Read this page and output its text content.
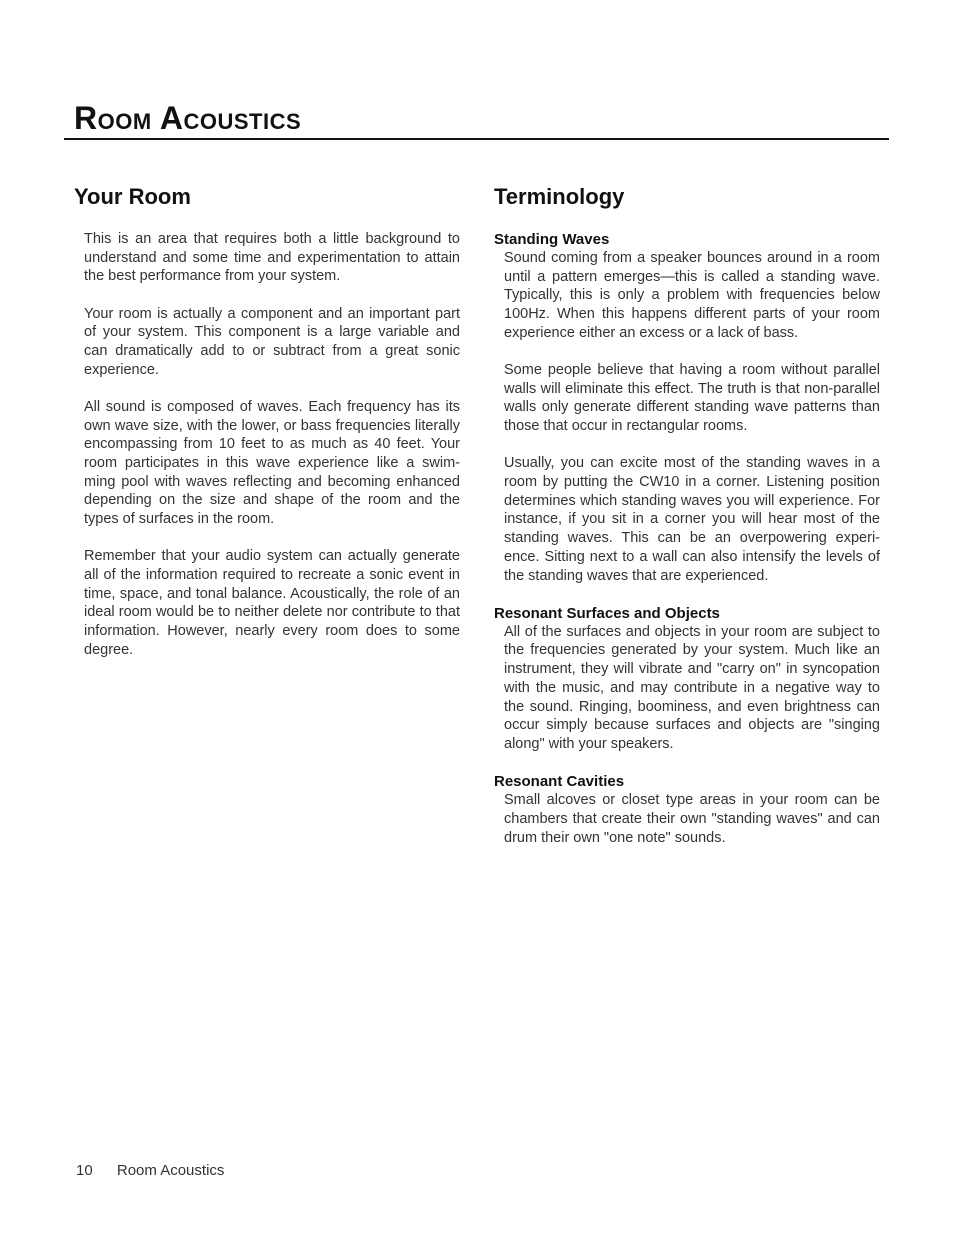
Room Acoustics
Your Room

This is an area that requires both a little background to understand and some time and experimentation to attain the best performance from your system.

Your room is actually a component and an important part of your system. This component is a large variable and can dramatically add to or subtract from a great sonic experience.

All sound is composed of waves. Each frequency has its own wave size, with the lower, or bass frequencies literally encompassing from 10 feet to as much as 40 feet. Your room participates in this wave experience like a swim-ming pool with waves reflecting and becoming enhanced depending on the size and shape of the room and the types of surfaces in the room.

Remember that your audio system can actually generate all of the information required to recreate a sonic event in time, space, and tonal balance. Acoustically, the role of an ideal room would be to neither delete nor contribute to that information. However, nearly every room does to some degree.

Terminology
Standing Waves

Sound coming from a speaker bounces around in a room until a pattern emerges—this is called a standing wave. Typically, this is only a problem with frequencies below 100Hz. When this happens different parts of your room experience either an excess or a lack of bass.

Some people believe that having a room without parallel walls will eliminate this effect. The truth is that non-parallel walls only generate different standing wave patterns than those that occur in rectangular rooms.

Usually, you can excite most of the standing waves in a room by putting the CW10 in a corner. Listening position determines which standing waves you will experience. For instance, if you sit in a corner you will hear most of the standing waves. This can be an overpowering experi-ence. Sitting next to a wall can also intensify the levels of the standing waves that are experienced.

Resonant Surfaces and Objects

All of the surfaces and objects in your room are subject to the frequencies generated by your system. Much like an instrument, they will vibrate and "carry on" in syncopation with the music, and may contribute in a negative way to the sound. Ringing, boominess, and even brightness can occur simply because surfaces and objects are "singing along" with your speakers.

Resonant Cavities

Small alcoves or closet type areas in your room can be chambers that create their own "standing waves" and can drum their own "one note" sounds.

10 Room Acoustics
